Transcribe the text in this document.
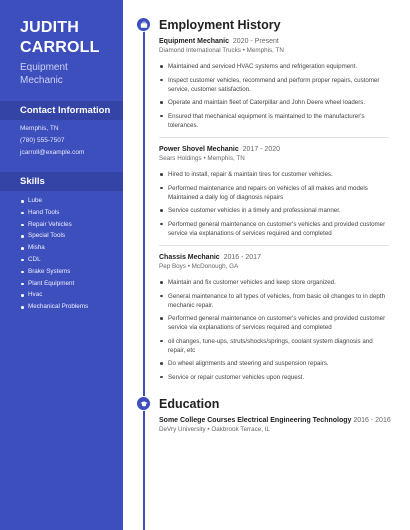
JUDITH
CARROLL
Equipment
Mechanic
Contact Information
Memphis, TN
(780) 555-7507
jcarroll@example.com
Skills
Lube
Hand Tools
Repair Vehicles
Special Tools
Misha
CDL
Brake Systems
Plant Equipment
Hvac
Mechanical Problems
Employment History
Equipment Mechanic 2020 - Present
Diamond International Trucks • Memphis, TN
Maintained and serviced HVAC systems and refrigeration equipment.
Inspect customer vehicles, recommend and perform proper repairs, customer service, customer satisfaction.
Operate and maintain fleet of Caterpillar and John Deere wheel loaders.
Ensured that mechanical equipment is maintained to the manufacturer's tolerances.
Power Shovel Mechanic 2017 - 2020
Sears Holdings • Memphis, TN
Hired to install, repair & maintain tires for customer vehicles.
Performed maintenance and repairs on vehicles of all makes and models Maintained a daily log of diagnosis repairs
Service customer vehicles in a timely and professional manner.
Performed general maintenance on customer's vehicles and provided customer service via explanations of services required and completed
Chassis Mechanic 2016 - 2017
Pep Boys • McDonough, GA
Maintain and fix customer vehicles and keep store organized.
General maintenance to all types of vehicles, from basic oil changes to in depth mechanic repair.
Performed general maintenance on customer's vehicles and provided customer service via explanations of services required and completed
oil changes, tune-ups, struts/shocks/springs, coolant system diagnosis and repair, etc
Do wheel alignments and steering and suspension repairs.
Service or repair customer vehicles upon request.
Education
Some College Courses Electrical Engineering Technology 2016 - 2016
DeVry University • Oakbrook Terrace, IL
